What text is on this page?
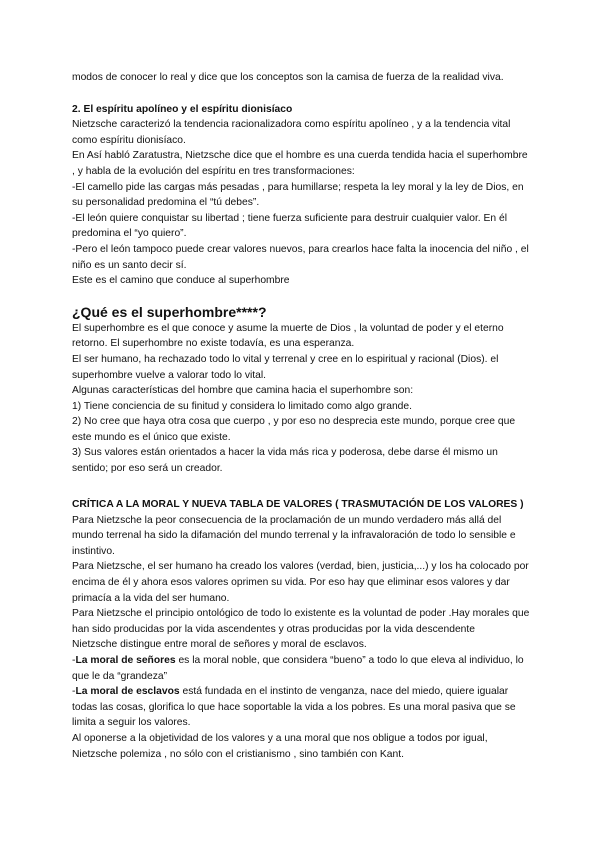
modos de conocer lo real y dice que los conceptos son la camisa de fuerza de la realidad viva.

2. El espíritu apolíneo y el espíritu dionisíaco

Nietzsche caracterizó la tendencia racionalizadora como espíritu apolíneo , y a la tendencia vital como espíritu dionisíaco.

En Así habló Zaratustra, Nietzsche dice que el hombre es una cuerda tendida hacia el superhombre , y habla de la evolución del espíritu en tres transformaciones:

-El camello pide las cargas más pesadas , para humillarse; respeta la ley moral y la ley de Dios, en su personalidad predomina el “tú debes”.

-El león quiere conquistar su libertad ; tiene fuerza suficiente para destruir cualquier valor. En él predomina el “yo quiero”.

-Pero el león tampoco puede crear valores nuevos, para crearlos hace falta la inocencia del niño , el niño es un santo decir sí.

Este es el camino que conduce al superhombre

¿Qué es el superhombre****?

El superhombre es el que conoce y asume la muerte de Dios , la voluntad de poder y el eterno retorno. El superhombre no existe todavía, es una esperanza.

El ser humano, ha rechazado todo lo vital y terrenal y cree en lo espiritual y racional (Dios). el superhombre vuelve a valorar todo lo vital.

Algunas características del hombre que camina hacia el superhombre son:

1) Tiene conciencia de su finitud y considera lo limitado como algo grande.

2) No cree que haya otra cosa que cuerpo , y por eso no desprecia este mundo, porque cree que este mundo es el único que existe.

3) Sus valores están orientados a hacer la vida más rica y poderosa, debe darse él mismo un sentido; por eso será un creador.

CRÍTICA A LA MORAL Y NUEVA TABLA DE VALORES ( TRASMUTACIÓN DE LOS VALORES )

Para Nietzsche la peor consecuencia de la proclamación de un mundo verdadero más allá del mundo terrenal ha sido la difamación del mundo terrenal y la infravaloración de todo lo sensible e instintivo.

Para Nietzsche, el ser humano ha creado los valores (verdad, bien, justicia,...) y los ha colocado por encima de él y ahora esos valores oprimen su vida. Por eso hay que eliminar esos valores y dar primacía a la vida del ser humano.

Para Nietzsche el principio ontológico de todo lo existente es la voluntad de poder .Hay morales que han sido producidas por la vida ascendentes y otras producidas por la vida descendente

Nietzsche distingue entre moral de señores y moral de esclavos.

-La moral de señores es la moral noble, que considera “bueno” a todo lo que eleva al individuo, lo que le da “grandeza”

-La moral de esclavos está fundada en el instinto de venganza, nace del miedo, quiere igualar todas las cosas, glorifica lo que hace soportable la vida a los pobres. Es una moral pasiva que se limita a seguir los valores.

Al oponerse a la objetividad de los valores y a una moral que nos obligue a todos por igual, Nietzsche polemiza , no sólo con el cristianismo , sino también con Kant.
